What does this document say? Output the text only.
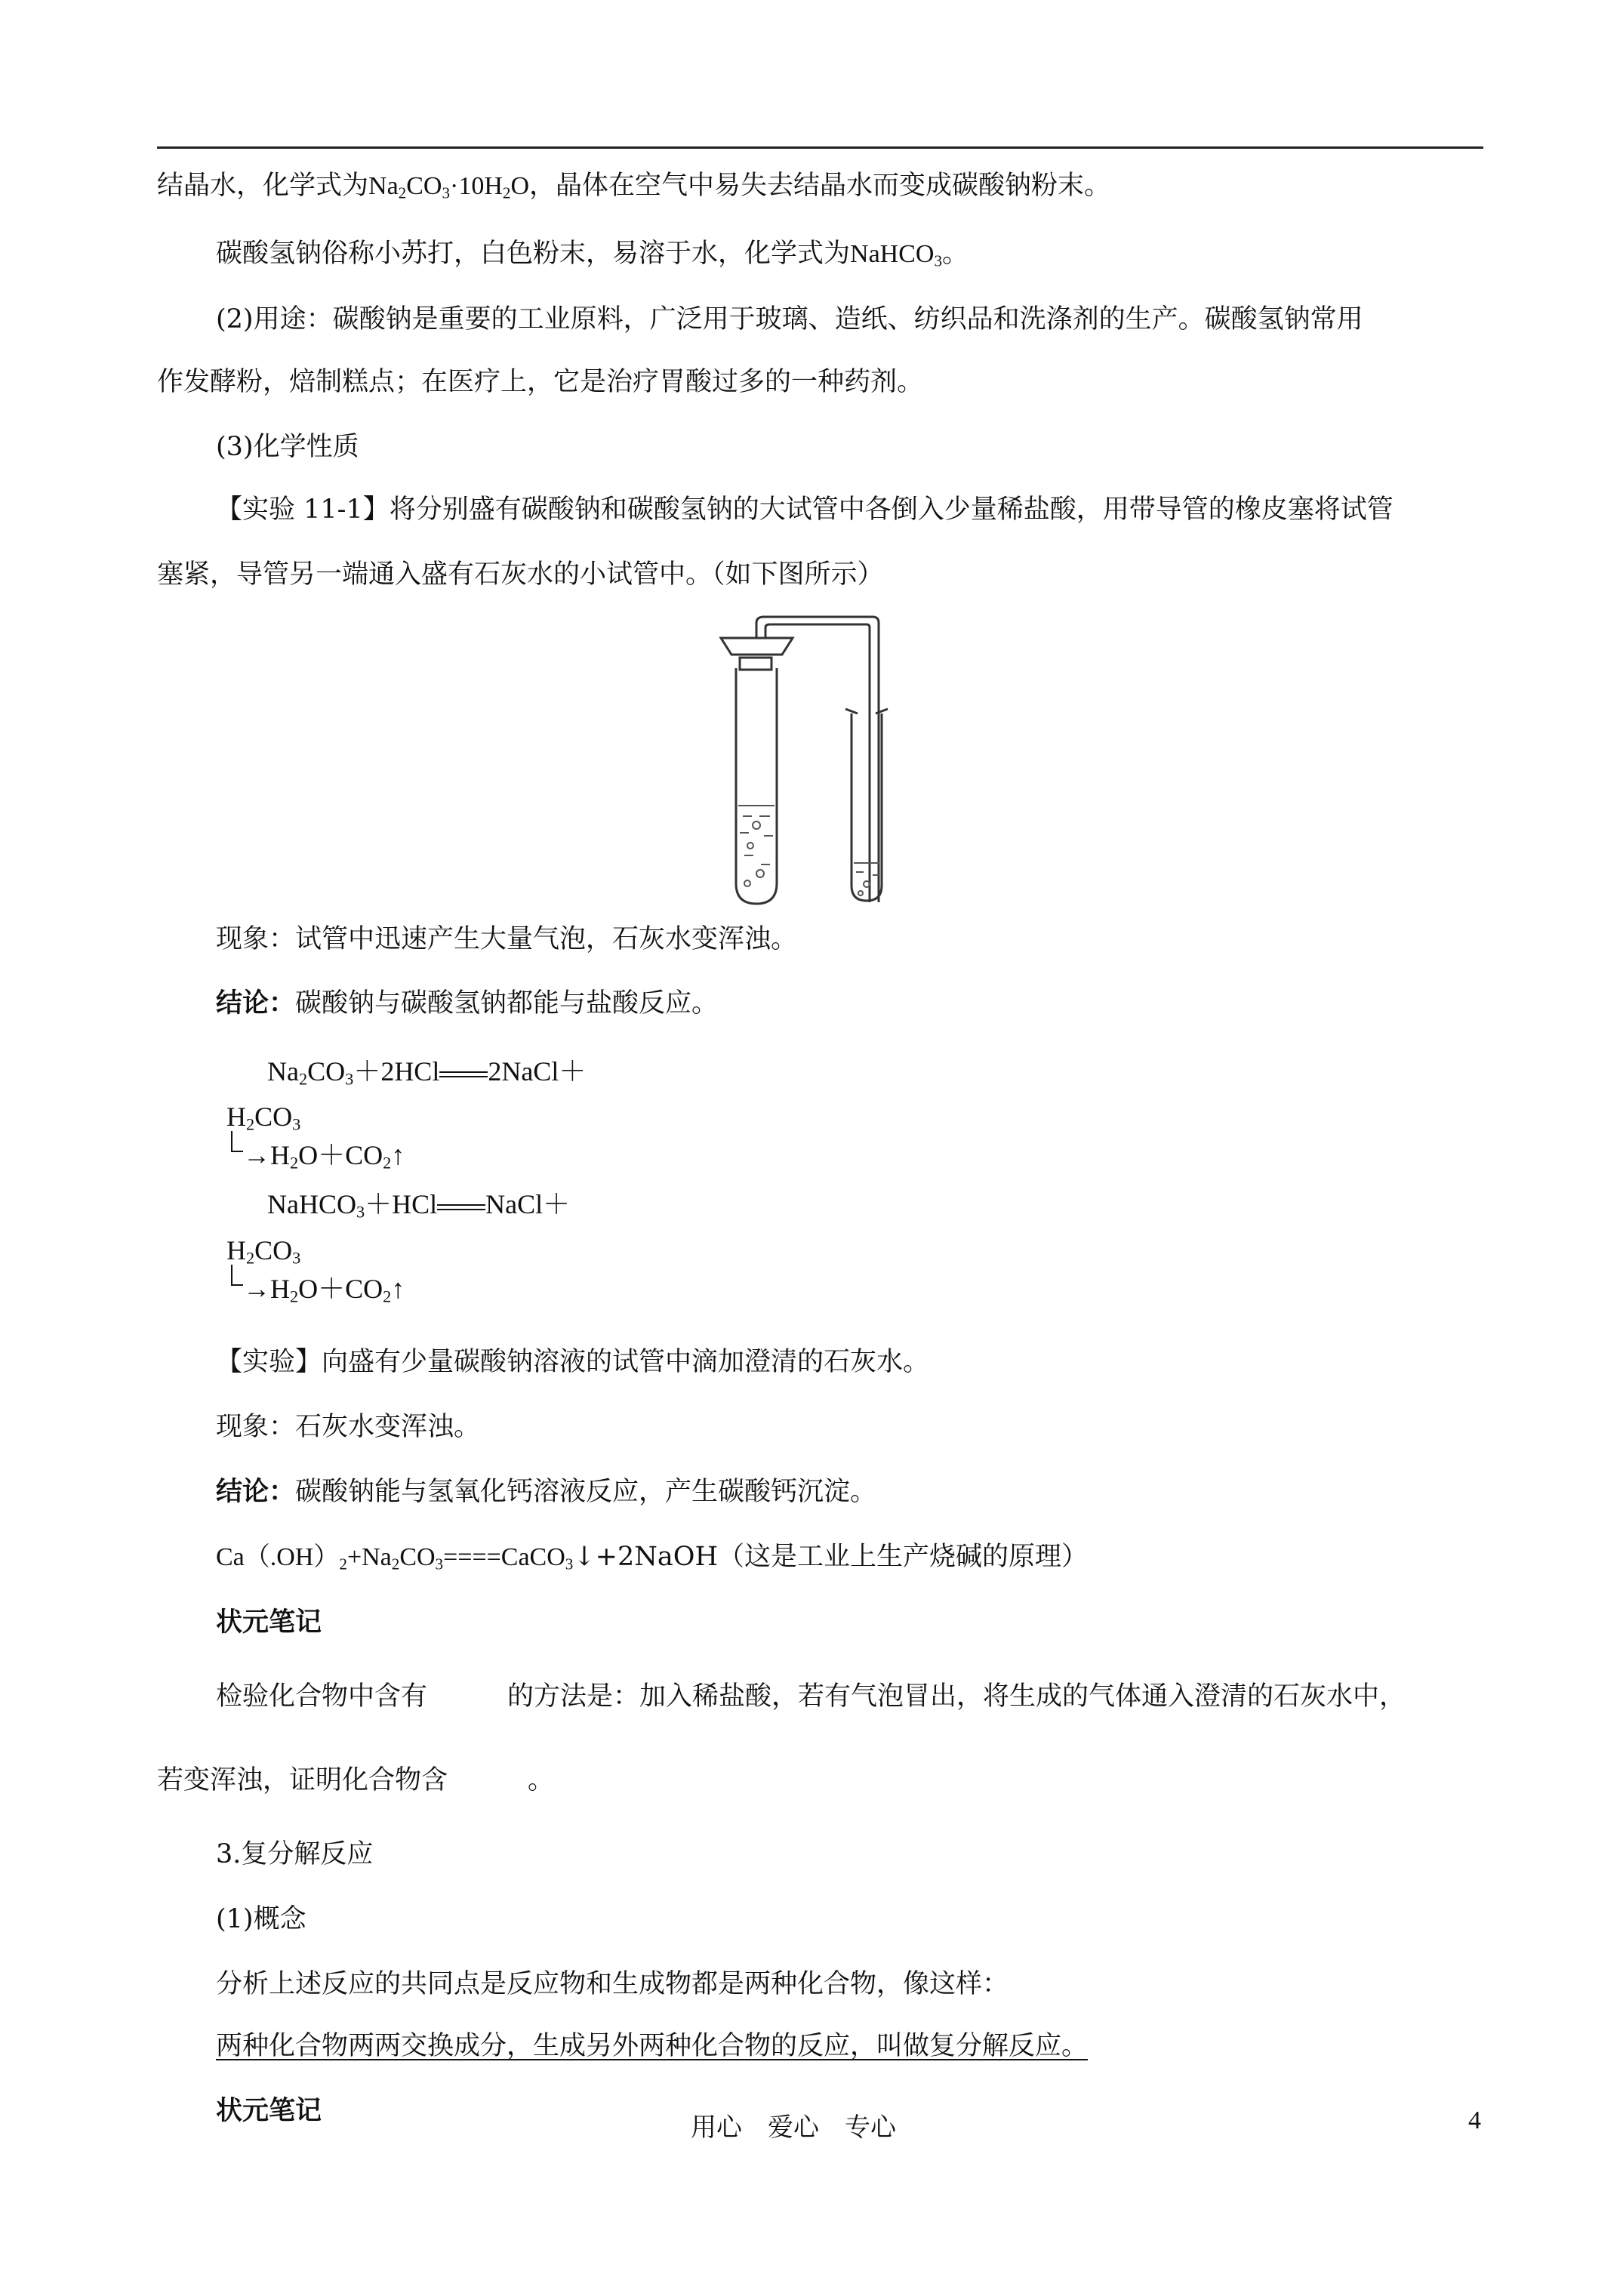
结晶水，化学式为$Na_2CO_3\cdot 10H_2O$，晶体在空气中易失去结晶水而变成碳酸钠粉末。
碳酸氢钠俗称小苏打，白色粉末，易溶于水，化学式为NaHCO$_3$。
(2)用途：碳酸钠是重要的工业原料，广泛用于玻璃、造纸、纺织品和洗涤剂的生产。碳酸氢钠常用
作发酵粉，焙制糕点；在医疗上，它是治疗胃酸过多的一种药剂。
(3)化学性质
【实验 11-1】将分别盛有碳酸钠和碳酸氢钠的大试管中各倒入少量稀盐酸，用带导管的橡皮塞将试管
塞紧，导管另一端通入盛有石灰水的小试管中。（如下图所示）
现象：试管中迅速产生大量气泡，石灰水变浑浊。
结论：碳酸钠与碳酸氢钠都能与盐酸反应。
$Na_2CO_3+2HCl$ 2NaCl＋
$H_2CO_3$
$\to H_2O+CO_2↑$
NaHCO$_3$＋HCl NaCl＋
$H_2CO_3$
$\to H_2O+CO_2↑$
【实验】向盛有少量碳酸钠溶液的试管中滴加澄清的石灰水。
现象：石灰水变浑浊。
结论：碳酸钠能与氢氧化钙溶液反应，产生碳酸钙沉淀。
$Ca(.OH)_2+Na_2CO_3====CaCO_3↓+2NaOH$（这是工业上生产烧碱的原理）
状元笔记
检验化合物中含有	的方法是：加入稀盐酸，若有气泡冒出，将生成的气体通入澄清的石灰水中，
若变浑浊，证明化合物含	。
3.复分解反应
(1)概念
分析上述反应的共同点是反应物和生成物都是两种化合物，像这样：
两种化合物两两交换成分，生成另外两种化合物的反应，叫做复分解反应。
状元笔记
用心　爱心　专心	4
